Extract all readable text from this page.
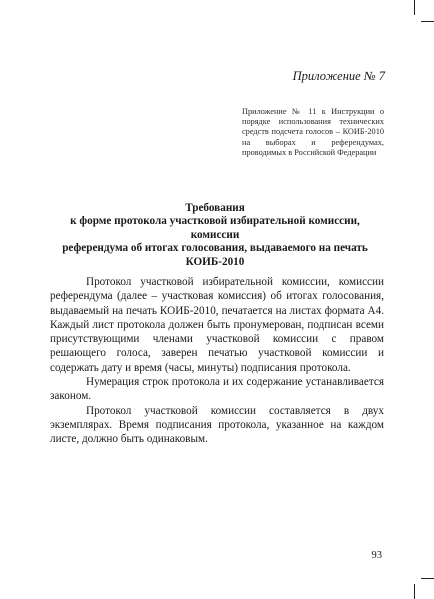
Приложение № 7
Приложение № 11 к Инструкции о порядке использования технических средств подсчета голосов – КОИБ-2010 на выборах и референдумах, проводимых в Российской Федерации
Требования
к форме протокола участковой избирательной комиссии, комиссии
референдума об итогах голосования, выдаваемого на печать
КОИБ-2010

Протокол участковой избирательной комиссии, комиссии референдума (далее – участковая комиссия) об итогах голосования, выдаваемый на печать КОИБ-2010, печатается на листах формата А4. Каждый лист протокола должен быть пронумерован, подписан всеми присутствующими членами участковой комиссии с правом решающего голоса, заверен печатью участковой комиссии и содержать дату и время (часы, минуты) подписания протокола.

Нумерация строк протокола и их содержание устанавливается законом.

Протокол участковой комиссии составляется в двух экземплярах. Время подписания протокола, указанное на каждом листе, должно быть одинаковым.

93
